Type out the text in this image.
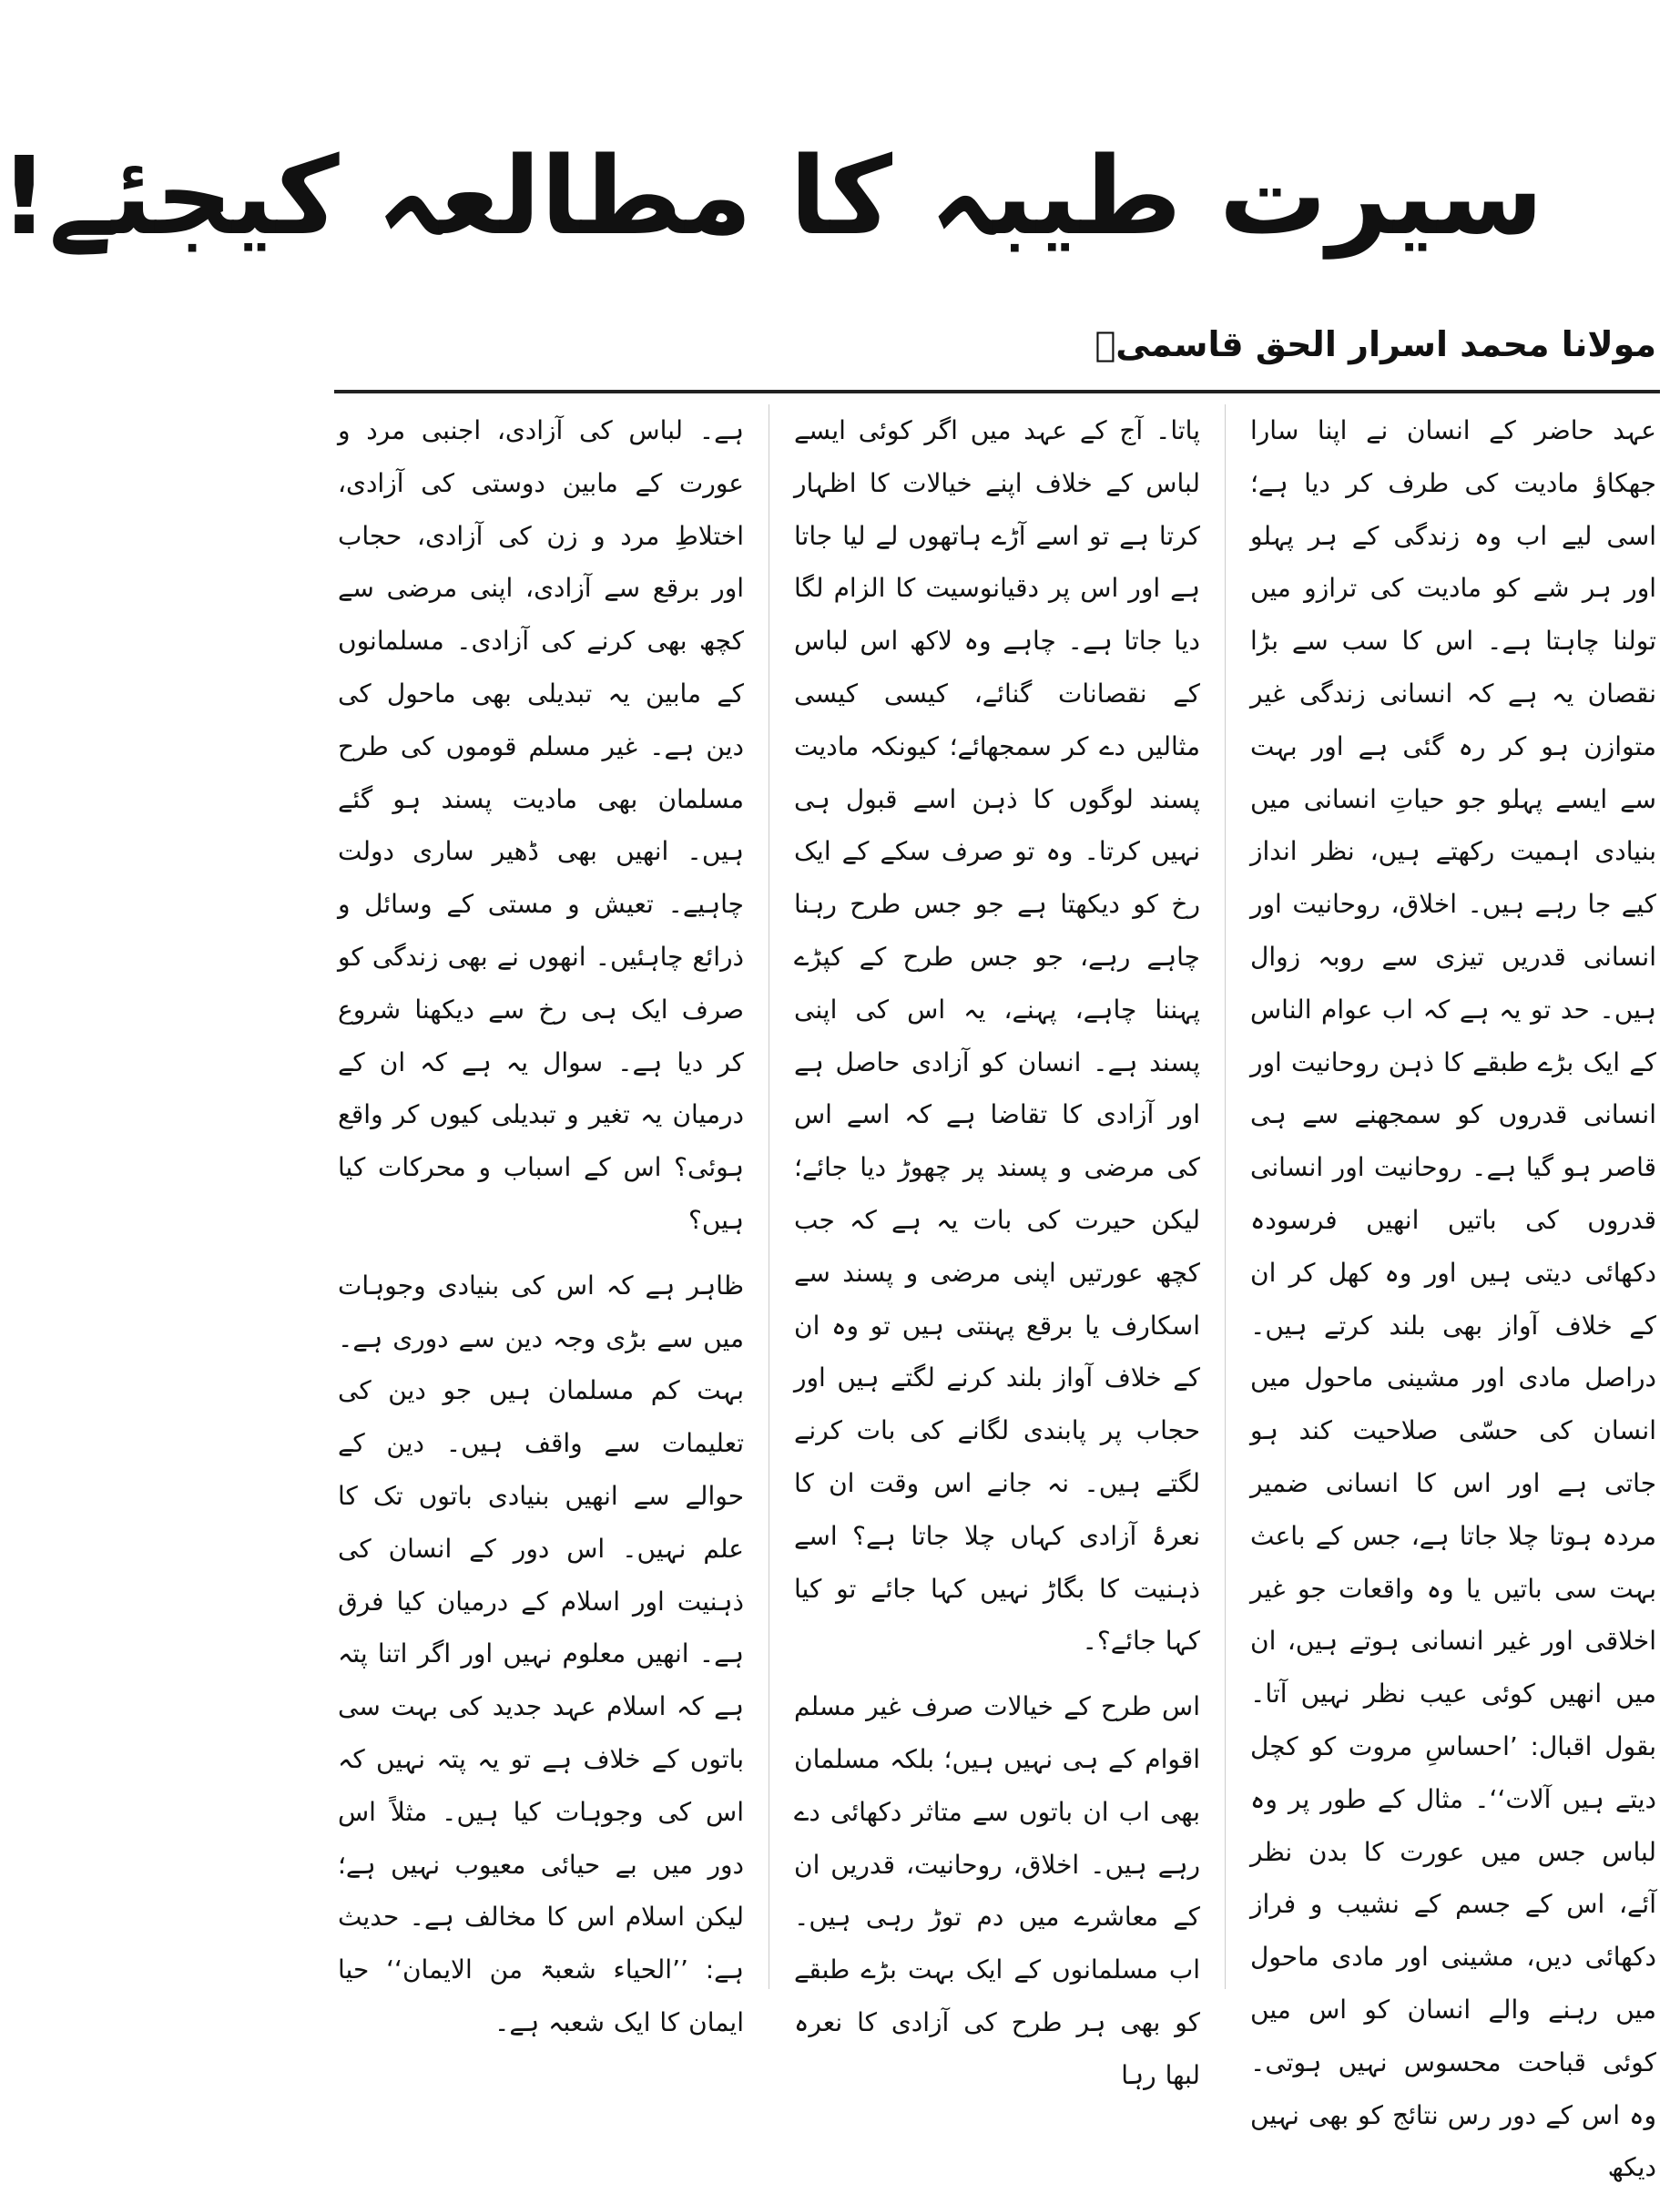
سیرت طیبہ کا مطالعہ کیجئے!
مولانا محمد اسرار الحق قاسمیؒ

عہد حاضر کے انسان نے اپنا سارا جھکاؤ مادیت کی طرف کر دیا ہے؛ اسی لیے اب وہ زندگی کے ہر پہلو اور ہر شے کو مادیت کی ترازو میں تولنا چاہتا ہے۔ اس کا سب سے بڑا نقصان یہ ہے کہ انسانی زندگی غیر متوازن ہو کر رہ گئی ہے اور بہت سے ایسے پہلو جو حیاتِ انسانی میں بنیادی اہمیت رکھتے ہیں، نظر انداز کیے جا رہے ہیں۔ اخلاق، روحانیت اور انسانی قدریں تیزی سے روبہ زوال ہیں۔ حد تو یہ ہے کہ اب عوام الناس کے ایک بڑے طبقے کا ذہن روحانیت اور انسانی قدروں کو سمجھنے سے ہی قاصر ہو گیا ہے۔ روحانیت اور انسانی قدروں کی باتیں انھیں فرسودہ دکھائی دیتی ہیں اور وہ کھل کر ان کے خلاف آواز بھی بلند کرتے ہیں۔ دراصل مادی اور مشینی ماحول میں انسان کی حسّی صلاحیت کند ہو جاتی ہے اور اس کا انسانی ضمیر مردہ ہوتا چلا جاتا ہے، جس کے باعث بہت سی باتیں یا وہ واقعات جو غیر اخلاقی اور غیر انسانی ہوتے ہیں، ان میں انھیں کوئی عیب نظر نہیں آتا۔ بقول اقبال: ’احساسِ مروت کو کچل دیتے ہیں آلات‘‘۔ مثال کے طور پر وہ لباس جس میں عورت کا بدن نظر آئے، اس کے جسم کے نشیب و فراز دکھائی دیں، مشینی اور مادی ماحول میں رہنے والے انسان کو اس میں کوئی قباحت محسوس نہیں ہوتی۔ وہ اس کے دور رس نتائج کو بھی نہیں دیکھ

پاتا۔ آج کے عہد میں اگر کوئی ایسے لباس کے خلاف اپنے خیالات کا اظہار کرتا ہے تو اسے آڑے ہاتھوں لے لیا جاتا ہے اور اس پر دقیانوسیت کا الزام لگا دیا جاتا ہے۔ چاہے وہ لاکھ اس لباس کے نقصانات گنائے، کیسی کیسی مثالیں دے کر سمجھائے؛ کیونکہ مادیت پسند لوگوں کا ذہن اسے قبول ہی نہیں کرتا۔ وہ تو صرف سکے کے ایک رخ کو دیکھتا ہے جو جس طرح رہنا چاہے رہے، جو جس طرح کے کپڑے پہننا چاہے، پہنے، یہ اس کی اپنی پسند ہے۔ انسان کو آزادی حاصل ہے اور آزادی کا تقاضا ہے کہ اسے اس کی مرضی و پسند پر چھوڑ دیا جائے؛ لیکن حیرت کی بات یہ ہے کہ جب کچھ عورتیں اپنی مرضی و پسند سے اسکارف یا برقع پہنتی ہیں تو وہ ان کے خلاف آواز بلند کرنے لگتے ہیں اور حجاب پر پابندی لگانے کی بات کرنے لگتے ہیں۔ نہ جانے اس وقت ان کا نعرۂ آزادی کہاں چلا جاتا ہے؟ اسے ذہنیت کا بگاڑ نہیں کہا جائے تو کیا کہا جائے؟۔

اس طرح کے خیالات صرف غیر مسلم اقوام کے ہی نہیں ہیں؛ بلکہ مسلمان بھی اب ان باتوں سے متاثر دکھائی دے رہے ہیں۔ اخلاق، روحانیت، قدریں ان کے معاشرے میں دم توڑ رہی ہیں۔ اب مسلمانوں کے ایک بہت بڑے طبقے کو بھی ہر طرح کی آزادی کا نعرہ لبھا رہا

ہے۔ لباس کی آزادی، اجنبی مرد و عورت کے مابین دوستی کی آزادی، اختلاطِ مرد و زن کی آزادی، حجاب اور برقع سے آزادی، اپنی مرضی سے کچھ بھی کرنے کی آزادی۔ مسلمانوں کے مابین یہ تبدیلی بھی ماحول کی دین ہے۔ غیر مسلم قوموں کی طرح مسلمان بھی مادیت پسند ہو گئے ہیں۔ انھیں بھی ڈھیر ساری دولت چاہیے۔ تعیش و مستی کے وسائل و ذرائع چاہئیں۔ انھوں نے بھی زندگی کو صرف ایک ہی رخ سے دیکھنا شروع کر دیا ہے۔ سوال یہ ہے کہ ان کے درمیان یہ تغیر و تبدیلی کیوں کر واقع ہوئی؟ اس کے اسباب و محرکات کیا ہیں؟

ظاہر ہے کہ اس کی بنیادی وجوہات میں سے بڑی وجہ دین سے دوری ہے۔ بہت کم مسلمان ہیں جو دین کی تعلیمات سے واقف ہیں۔ دین کے حوالے سے انھیں بنیادی باتوں تک کا علم نہیں۔ اس دور کے انسان کی ذہنیت اور اسلام کے درمیان کیا فرق ہے۔ انھیں معلوم نہیں اور اگر اتنا پتہ ہے کہ اسلام عہد جدید کی بہت سی باتوں کے خلاف ہے تو یہ پتہ نہیں کہ اس کی وجوہات کیا ہیں۔ مثلاً اس دور میں بے حیائی معیوب نہیں ہے؛ لیکن اسلام اس کا مخالف ہے۔ حدیث ہے: ’’الحیاء شعبۃ من الایمان‘‘ حیا ایمان کا ایک شعبہ ہے۔
